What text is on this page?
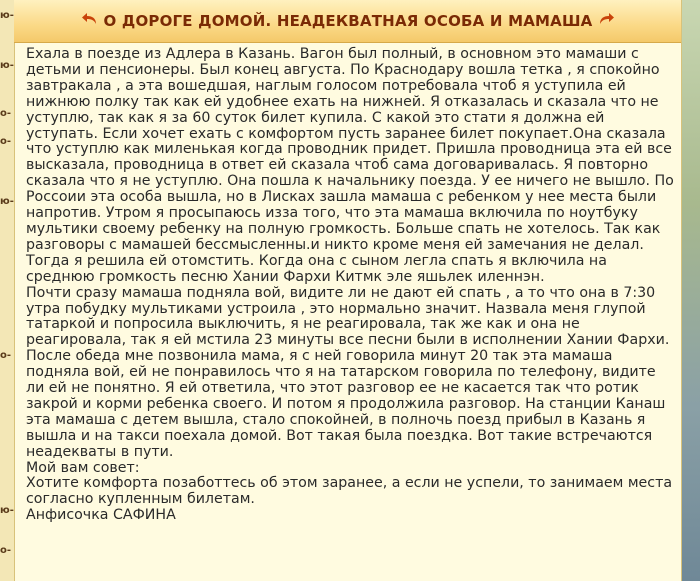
ю-
ю-
о-
о-
ю-
о-
ю-
о-
О ДОРОГЕ ДОМОЙ. НЕАДЕКВАТНАЯ ОСОБА И МАМАША

Ехала в поезде из Адлера в Казань. Вагон был полный, в основном это мамаши с детьми и пенсионеры. Был конец августа. По Краснодару вошла тетка , я спокойно завтракала , а эта вошедшая, наглым голосом потребовала чтоб я уступила ей нижнюю полку так как ей удобнее ехать на нижней. Я отказалась и сказала что не уступлю, так как я за 60 суток билет купила. С какой это стати я должна ей уступать. Если хочет ехать с комфортом пусть заранее билет покупает.Она сказала что уступлю как миленькая когда проводник придет. Пришла проводница эта ей все высказала, проводница в ответ ей сказала чтоб сама договаривалась. Я повторно сказала что я не уступлю. Она пошла к начальнику поезда. У ее ничего не вышло. По Роcсоии эта особа вышла, но в Лисках зашла мамаша с ребенком у нее места были напротив. Утром я просыпаюсь изза того, что эта мамаша включила по ноутбуку мультики своему ребенку на полную громкость. Больше спать не хотелось. Так как разговоры с мамашей бессмысленны.и никто кроме меня ей замечания не делал. Тогда я решила ей отомстить. Когда она с сыном легла спать я включила на среднюю громкость песню Хании Фархи Китмк эле яшьлек иленнэн.

Почти сразу мамаша подняла вой, видите ли не дают ей спать , а то что она в 7:30 утра побудку мультиками устроила , это нормально значит. Назвала меня глупой татаркой и попросила выключить, я не реагировала, так же как и она не реагировала, так я ей мстила 23 минуты все песни были в исполнении Хании Фархи. После обеда мне позвонила мама, я с ней говорила минут 20 так эта мамаша подняла вой, ей не понравилось что я на татарском говорила по телефону, видите ли ей не понятно. Я ей ответила, что этот разговор ее не касается так что ротик закрой и корми ребенка своего. И потом я продолжила разговор. На станции Канаш эта мамаша с детем вышла, стало спокойней, в полночь поезд прибыл в Казань я вышла и на такси поехала домой. Вот такая была поездка. Вот такие встречаются неадекваты в пути.

Мой вам совет:

Хотите комфорта позаботтесь об этом заранее, а если не успели, то занимаем места согласно купленным билетам.

Анфисочка САФИНА
